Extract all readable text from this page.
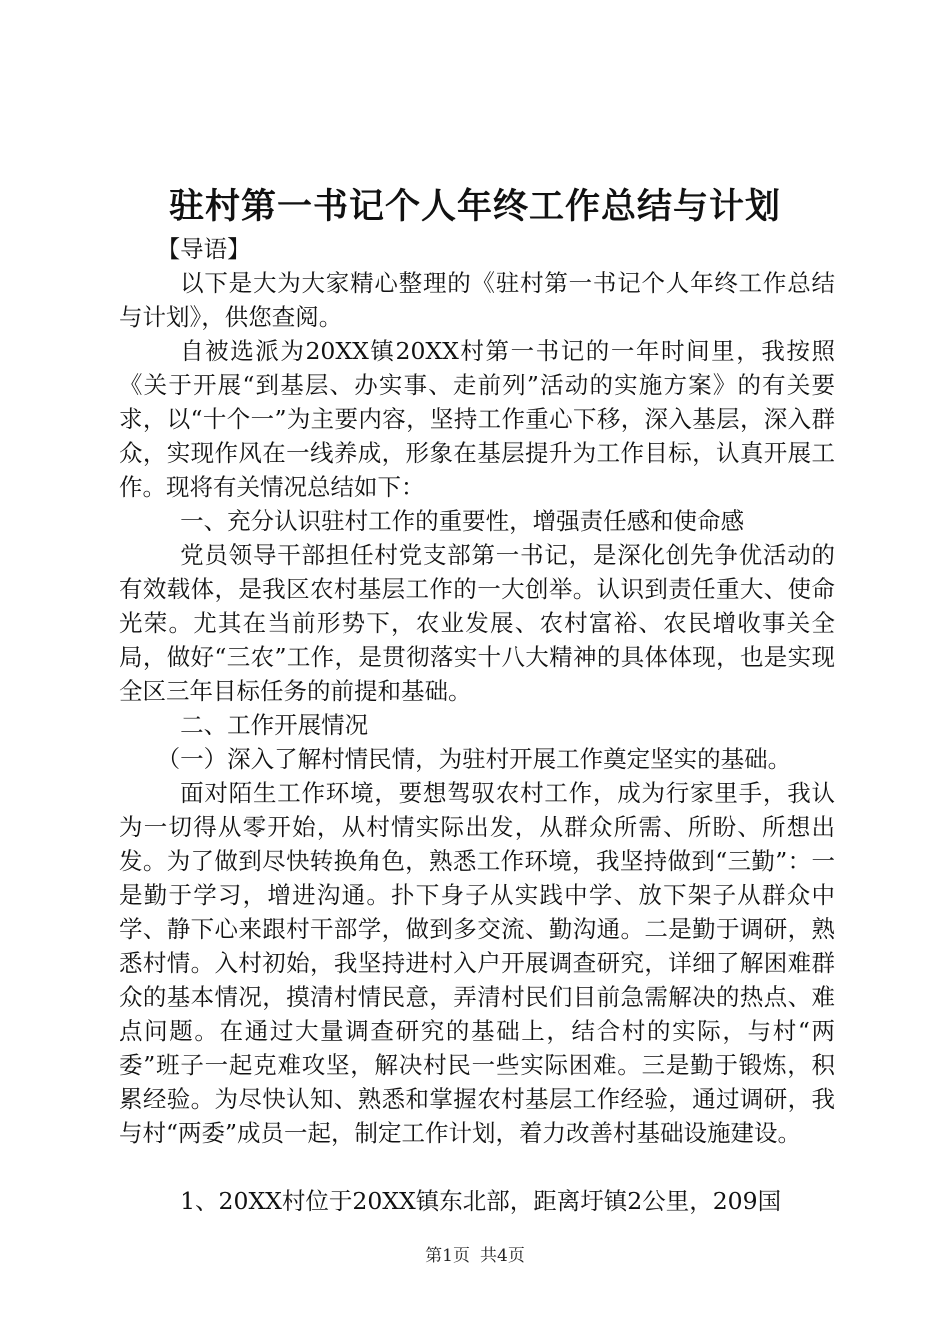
驻村第一书记个人年终工作总结与计划

【导语】

以下是大为大家精心整理的《驻村第一书记个人年终工作总结与计划》，供您查阅。

自被选派为20XX镇20XX村第一书记的一年时间里，我按照《关于开展“到基层、办实事、走前列”活动的实施方案》的有关要求，以“十个一”为主要内容，坚持工作重心下移，深入基层，深入群众，实现作风在一线养成，形象在基层提升为工作目标，认真开展工作。现将有关情况总结如下：

一、充分认识驻村工作的重要性，增强责任感和使命感

党员领导干部担任村党支部第一书记，是深化创先争优活动的有效载体，是我区农村基层工作的一大创举。认识到责任重大、使命光荣。尤其在当前形势下，农业发展、农村富裕、农民增收事关全局，做好“三农”工作，是贯彻落实十八大精神的具体体现，也是实现全区三年目标任务的前提和基础。

二、工作开展情况

（一）深入了解村情民情，为驻村开展工作奠定坚实的基础。

面对陌生工作环境，要想驾驭农村工作，成为行家里手，我认为一切得从零开始，从村情实际出发，从群众所需、所盼、所想出发。为了做到尽快转换角色，熟悉工作环境，我坚持做到“三勤”：一是勤于学习，增进沟通。扑下身子从实践中学、放下架子从群众中学、静下心来跟村干部学，做到多交流、勤沟通。二是勤于调研，熟悉村情。入村初始，我坚持进村入户开展调查研究，详细了解困难群众的基本情况，摸清村情民意，弄清村民们目前急需解决的热点、难点问题。在通过大量调查研究的基础上，结合村的实际，与村“两委”班子一起克难攻坚，解决村民一些实际困难。三是勤于锻炼，积累经验。为尽快认知、熟悉和掌握农村基层工作经验，通过调研，我与村“两委”成员一起，制定工作计划，着力改善村基础设施建设。

1、20XX村位于20XX镇东北部，距离圩镇2公里，209国

第1页 共4页
